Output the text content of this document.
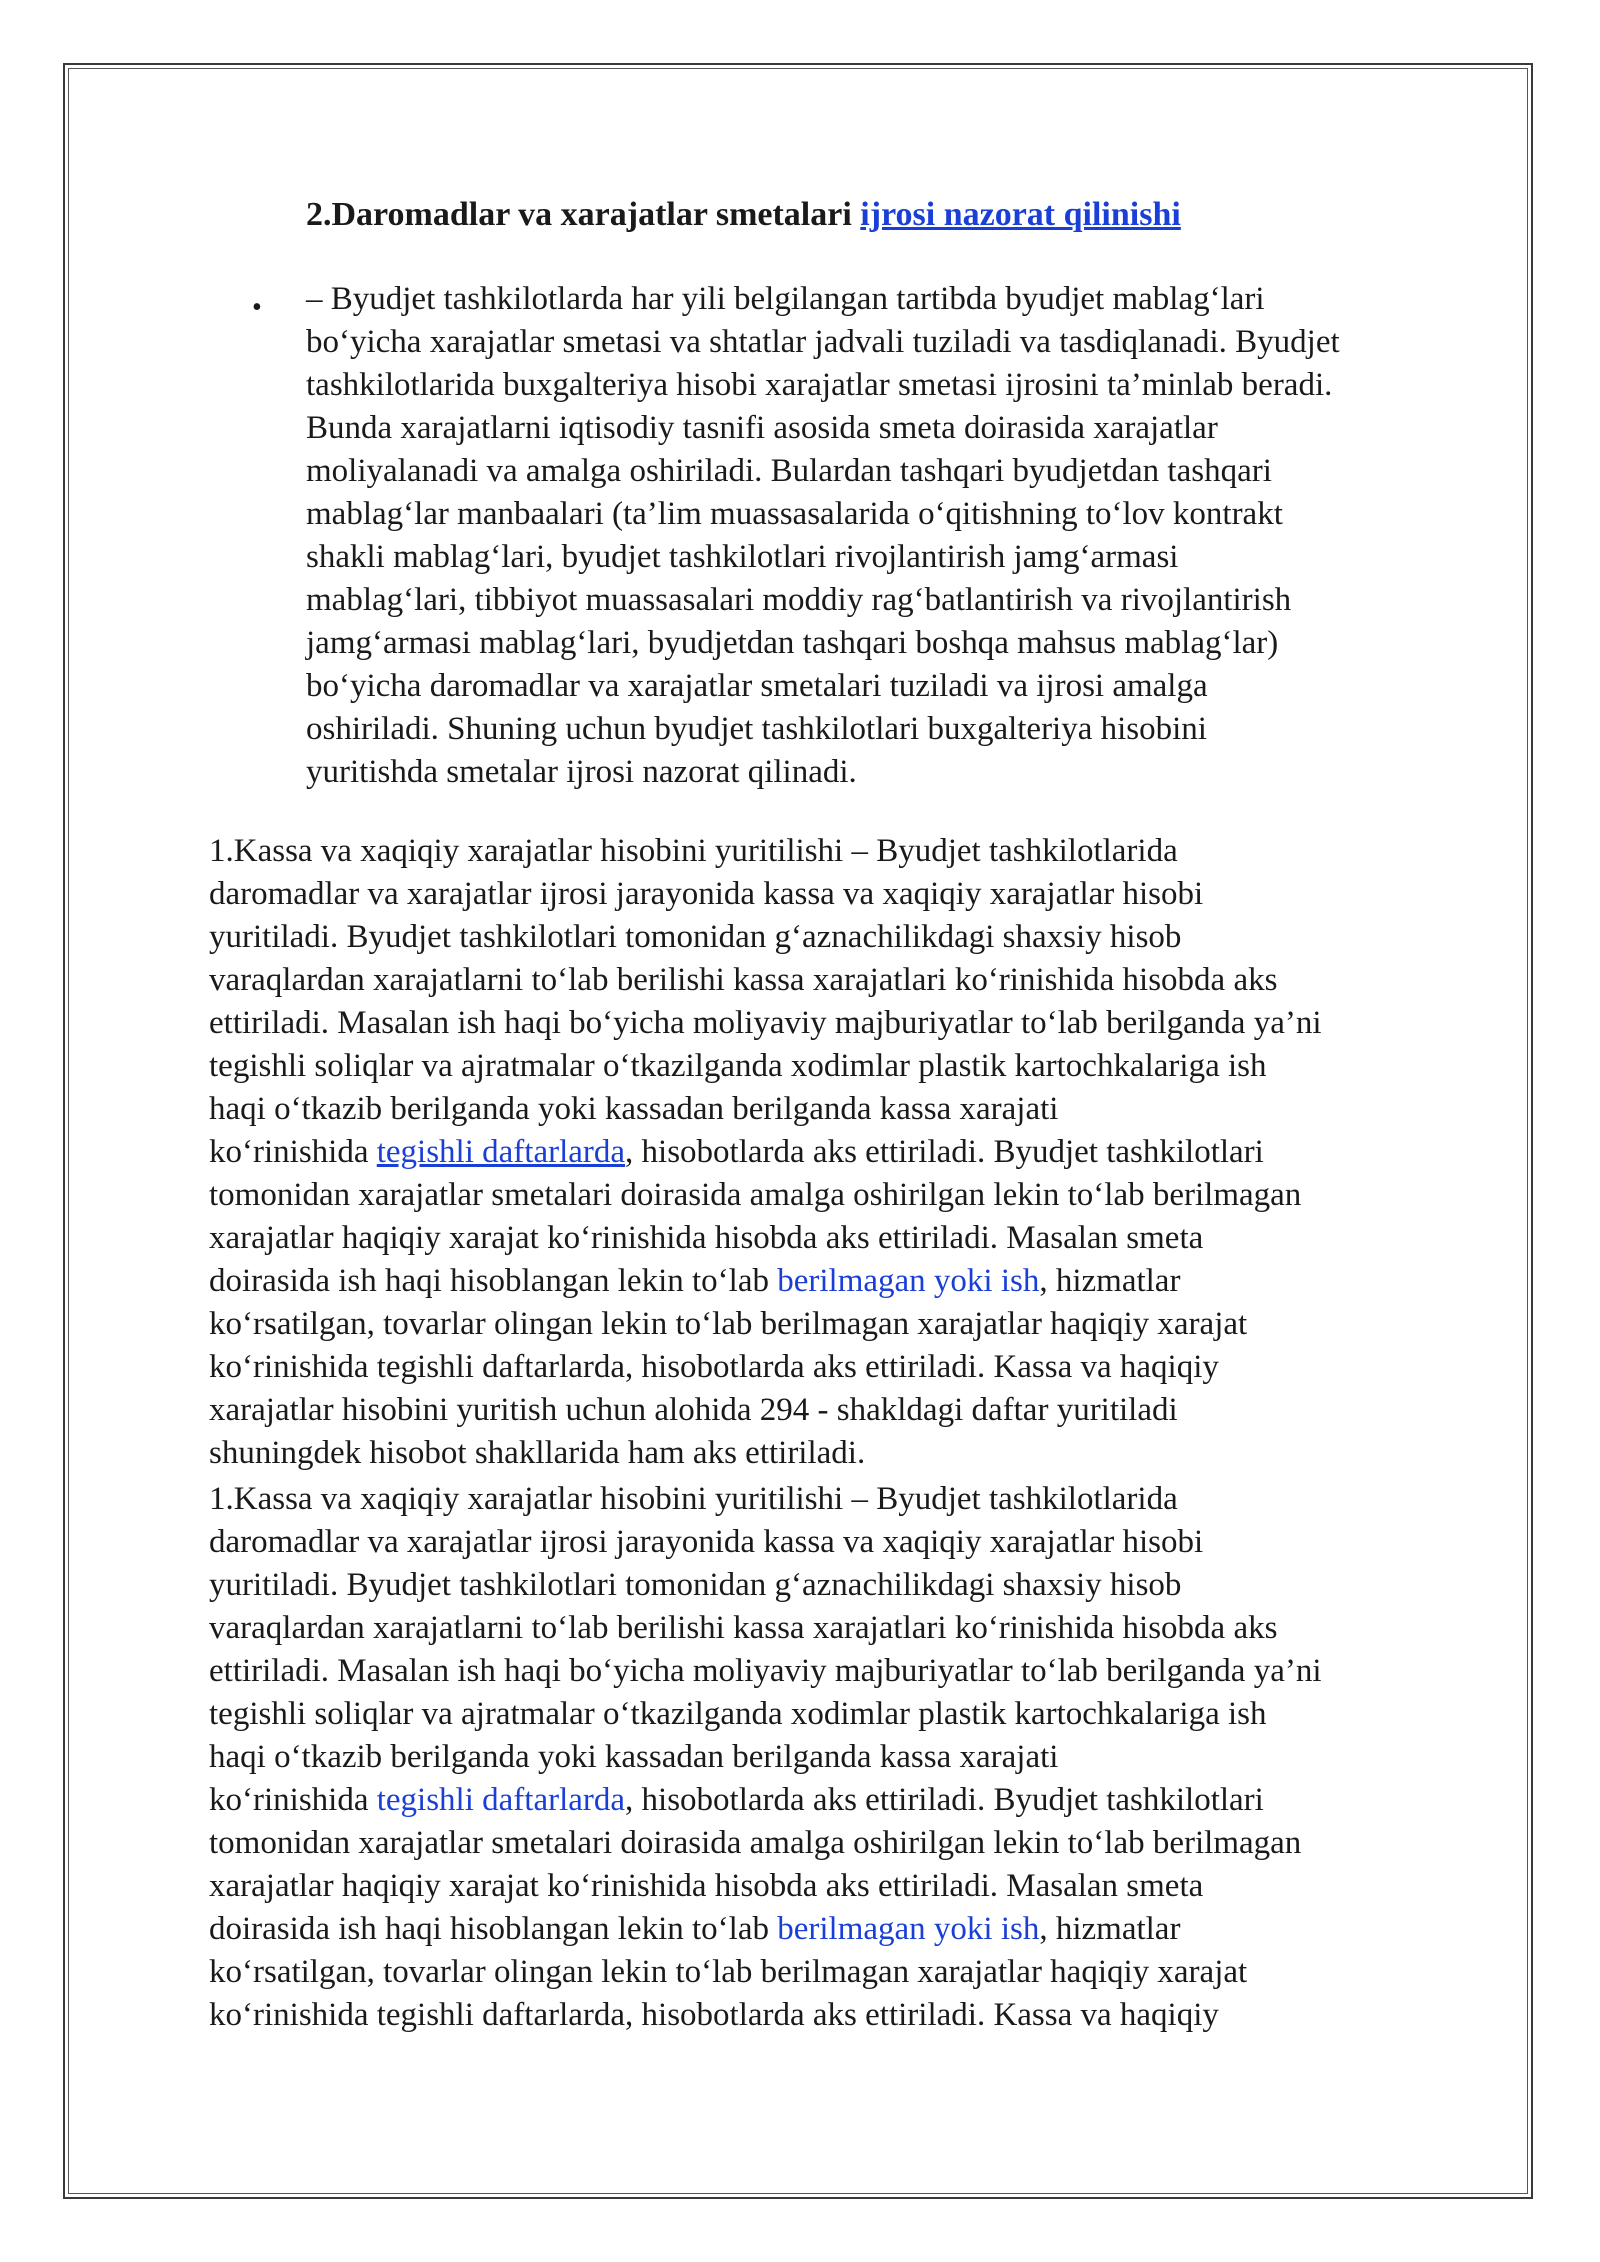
2.Daromadlar va xarajatlar smetalari ijrosi nazorat qilinishi
• – Byudjet tashkilotlarda har yili belgilangan tartibda byudjet mablag‘lari
bo‘yicha xarajatlar smetasi va shtatlar jadvali tuziladi va tasdiqlanadi. Byudjet
tashkilotlarida buxgalteriya hisobi xarajatlar smetasi ijrosini ta’minlab beradi.
Bunda xarajatlarni iqtisodiy tasnifi asosida smeta doirasida xarajatlar
moliyalanadi va amalga oshiriladi. Bulardan tashqari byudjetdan tashqari
mablag‘lar manbaalari (ta’lim muassasalarida o‘qitishning to‘lov kontrakt
shakli mablag‘lari, byudjet tashkilotlari rivojlantirish jamg‘armasi
mablag‘lari, tibbiyot muassasalari moddiy rag‘batlantirish va rivojlantirish
jamg‘armasi mablag‘lari, byudjetdan tashqari boshqa mahsus mablag‘lar)
bo‘yicha daromadlar va xarajatlar smetalari tuziladi va ijrosi amalga
oshiriladi. Shuning uchun byudjet tashkilotlari buxgalteriya hisobini
yuritishda smetalar ijrosi nazorat qilinadi.
1.Kassa va xaqiqiy xarajatlar hisobini yuritilishi – Byudjet tashkilotlarida
daromadlar va xarajatlar ijrosi jarayonida kassa va xaqiqiy xarajatlar hisobi
yuritiladi. Byudjet tashkilotlari tomonidan g‘aznachilikdagi shaxsiy hisob
varaqlardan xarajatlarni to‘lab berilishi kassa xarajatlari ko‘rinishida hisobda aks
ettiriladi. Masalan ish haqi bo‘yicha moliyaviy majburiyatlar to‘lab berilganda ya’ni
tegishli soliqlar va ajratmalar o‘tkazilganda xodimlar plastik kartochkalariga ish
haqi o‘tkazib berilganda yoki kassadan berilganda kassa xarajati
ko‘rinishida tegishli daftarlarda, hisobotlarda aks ettiriladi. Byudjet tashkilotlari
tomonidan xarajatlar smetalari doirasida amalga oshirilgan lekin to‘lab berilmagan
xarajatlar haqiqiy xarajat ko‘rinishida hisobda aks ettiriladi. Masalan smeta
doirasida ish haqi hisoblangan lekin to‘lab berilmagan yoki ish, hizmatlar
ko‘rsatilgan, tovarlar olingan lekin to‘lab berilmagan xarajatlar haqiqiy xarajat
ko‘rinishida tegishli daftarlarda, hisobotlarda aks ettiriladi. Kassa va haqiqiy
xarajatlar hisobini yuritish uchun alohida 294 - shakldagi daftar yuritiladi
shuningdek hisobot shakllarida ham aks ettiriladi.
1.Kassa va xaqiqiy xarajatlar hisobini yuritilishi – Byudjet tashkilotlarida
daromadlar va xarajatlar ijrosi jarayonida kassa va xaqiqiy xarajatlar hisobi
yuritiladi. Byudjet tashkilotlari tomonidan g‘aznachilikdagi shaxsiy hisob
varaqlardan xarajatlarni to‘lab berilishi kassa xarajatlari ko‘rinishida hisobda aks
ettiriladi. Masalan ish haqi bo‘yicha moliyaviy majburiyatlar to‘lab berilganda ya’ni
tegishli soliqlar va ajratmalar o‘tkazilganda xodimlar plastik kartochkalariga ish
haqi o‘tkazib berilganda yoki kassadan berilganda kassa xarajati
ko‘rinishida tegishli daftarlarda, hisobotlarda aks ettiriladi. Byudjet tashkilotlari
tomonidan xarajatlar smetalari doirasida amalga oshirilgan lekin to‘lab berilmagan
xarajatlar haqiqiy xarajat ko‘rinishida hisobda aks ettiriladi. Masalan smeta
doirasida ish haqi hisoblangan lekin to‘lab berilmagan yoki ish, hizmatlar
ko‘rsatilgan, tovarlar olingan lekin to‘lab berilmagan xarajatlar haqiqiy xarajat
ko‘rinishida tegishli daftarlarda, hisobotlarda aks ettiriladi. Kassa va haqiqiy
